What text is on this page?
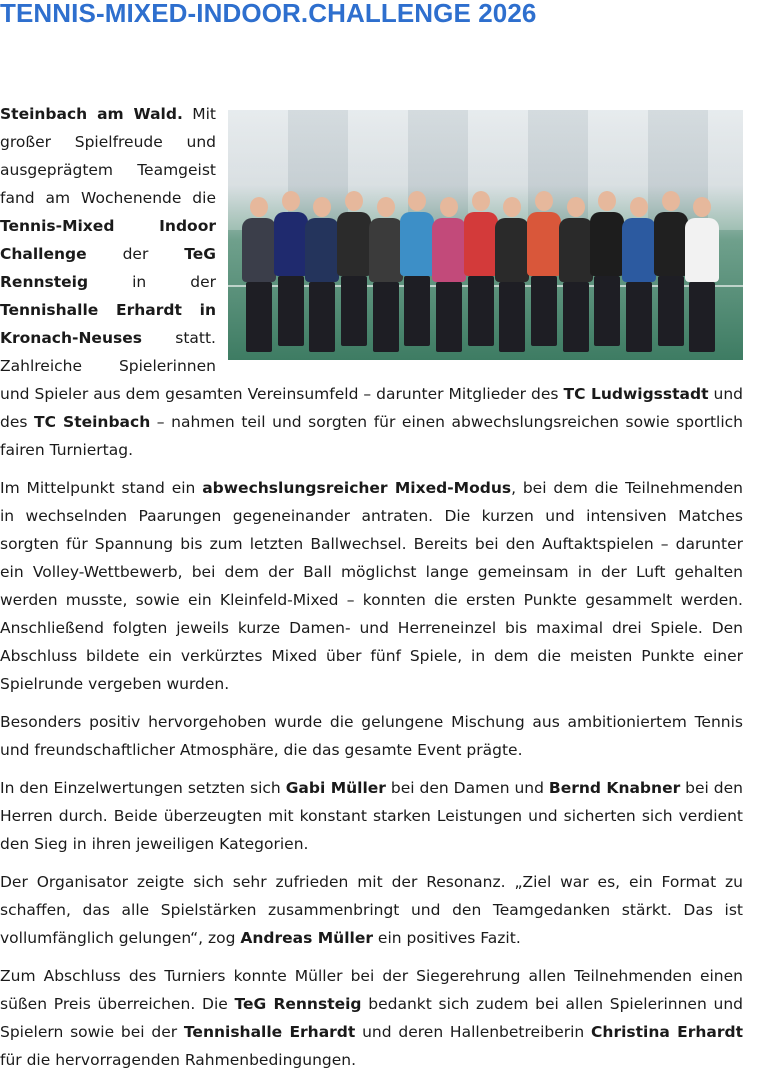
TENNIS-MIXED-INDOOR.CHALLENGE 2026

Steinbach am Wald. Mit großer Spielfreude und ausgeprägtem Teamgeist fand am Wochenende die Tennis-Mixed Indoor Challenge der TeG Rennsteig in der Tennishalle Erhardt in Kronach-Neuses statt. Zahlreiche Spielerinnen und Spieler aus dem gesamten Vereinsumfeld – darunter Mitglieder des TC Ludwigsstadt und des TC Steinbach – nahmen teil und sorgten für einen abwechslungsreichen sowie sportlich fairen Turniertag.

Im Mittelpunkt stand ein abwechslungsreicher Mixed-Modus, bei dem die Teilnehmenden in wechselnden Paarungen gegeneinander antraten. Die kurzen und intensiven Matches sorgten für Spannung bis zum letzten Ballwechsel. Bereits bei den Auftaktspielen – darunter ein Volley-Wettbewerb, bei dem der Ball möglichst lange gemeinsam in der Luft gehalten werden musste, sowie ein Kleinfeld-Mixed – konnten die ersten Punkte gesammelt werden. Anschließend folgten jeweils kurze Damen- und Herreneinzel bis maximal drei Spiele. Den Abschluss bildete ein verkürztes Mixed über fünf Spiele, in dem die meisten Punkte einer Spielrunde vergeben wurden.

Besonders positiv hervorgehoben wurde die gelungene Mischung aus ambitioniertem Tennis und freundschaftlicher Atmosphäre, die das gesamte Event prägte.

In den Einzelwertungen setzten sich Gabi Müller bei den Damen und Bernd Knabner bei den Herren durch. Beide überzeugten mit konstant starken Leistungen und sicherten sich verdient den Sieg in ihren jeweiligen Kategorien.

Der Organisator zeigte sich sehr zufrieden mit der Resonanz. „Ziel war es, ein Format zu schaffen, das alle Spielstärken zusammenbringt und den Teamgedanken stärkt. Das ist vollumfänglich gelungen“, zog Andreas Müller ein positives Fazit.

Zum Abschluss des Turniers konnte Müller bei der Siegerehrung allen Teilnehmenden einen süßen Preis überreichen. Die TeG Rennsteig bedankt sich zudem bei allen Spielerinnen und Spielern sowie bei der Tennishalle Erhardt und deren Hallenbetreiberin Christina Erhardt für die hervorragenden Rahmenbedingungen.
